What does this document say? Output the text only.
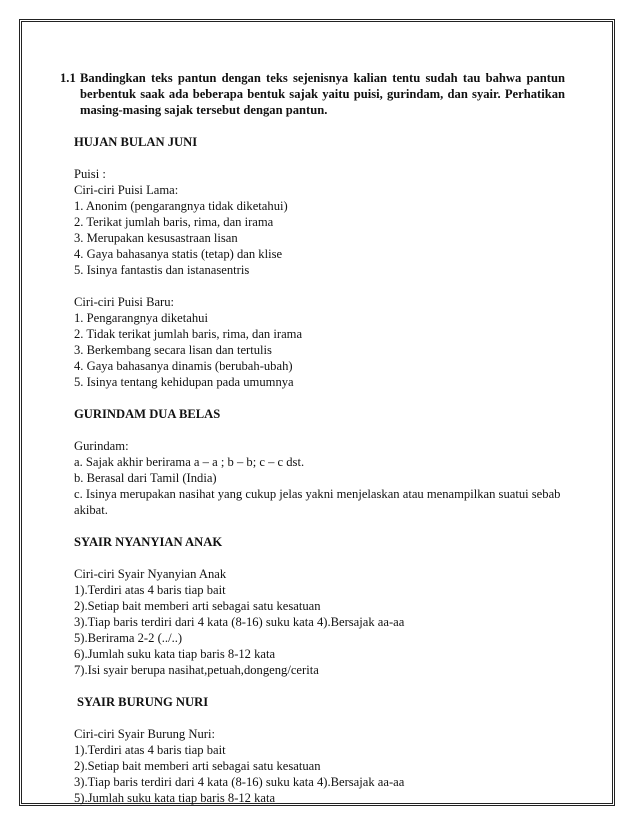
1.1 Bandingkan teks pantun dengan teks sejenisnya kalian tentu sudah tau bahwa pantun berbentuk saak ada beberapa bentuk sajak yaitu puisi, gurindam, dan syair. Perhatikan masing-masing sajak tersebut dengan pantun.
HUJAN BULAN JUNI
Puisi :
Ciri-ciri Puisi Lama:
1. Anonim (pengarangnya tidak diketahui)
2. Terikat jumlah baris, rima, dan irama
3. Merupakan kesusastraan lisan
4. Gaya bahasanya statis (tetap) dan klise
5. Isinya fantastis dan istanasentris
Ciri-ciri Puisi Baru:
1. Pengarangnya diketahui
2. Tidak terikat jumlah baris, rima, dan irama
3. Berkembang secara lisan dan tertulis
4. Gaya bahasanya dinamis (berubah-ubah)
5. Isinya tentang kehidupan pada umumnya
GURINDAM DUA BELAS
Gurindam:
a. Sajak akhir berirama a – a ; b – b; c – c dst.
b. Berasal dari Tamil (India)
c. Isinya merupakan nasihat yang cukup jelas yakni menjelaskan atau menampilkan suatui sebab akibat.
SYAIR NYANYIAN ANAK
Ciri-ciri Syair Nyanyian Anak
1).Terdiri atas 4 baris tiap bait
2).Setiap bait memberi arti sebagai satu kesatuan
3).Tiap baris terdiri dari 4 kata (8-16) suku kata 4).Bersajak aa-aa
5).Berirama 2-2 (../..)
6).Jumlah suku kata tiap baris 8-12 kata
7).Isi syair berupa nasihat,petuah,dongeng/cerita
SYAIR BURUNG NURI
Ciri-ciri Syair Burung Nuri:
1).Terdiri atas 4 baris tiap bait
2).Setiap bait memberi arti sebagai satu kesatuan
3).Tiap baris terdiri dari 4 kata (8-16) suku kata 4).Bersajak aa-aa
5).Jumlah suku kata tiap baris 8-12 kata
